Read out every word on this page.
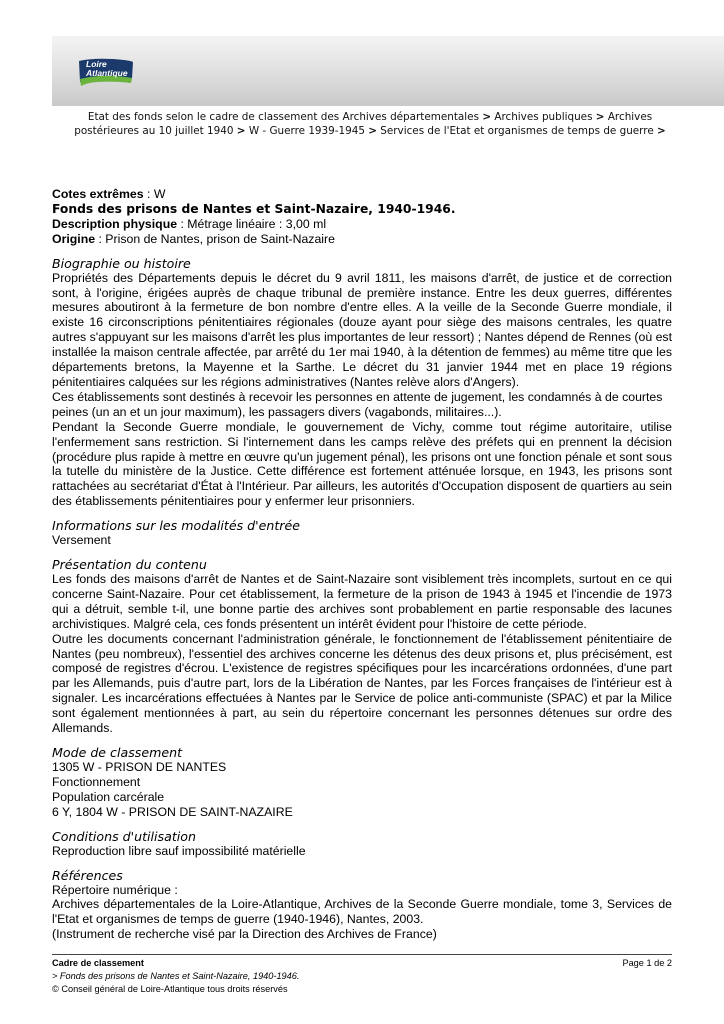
Loire
Atlantique
Etat des fonds selon le cadre de classement des Archives départementales > Archives publiques > Archives postérieures au 10 juillet 1940 > W - Guerre 1939-1945 > Services de l'Etat et organismes de temps de guerre >

Cotes extrêmes : W

Fonds des prisons de Nantes et Saint-Nazaire, 1940-1946.

Description physique : Métrage linéaire : 3,00 ml

Origine : Prison de Nantes, prison de Saint-Nazaire

Biographie ou histoire

Propriétés des Départements depuis le décret du 9 avril 1811, les maisons d'arrêt, de justice et de correction sont, à l'origine, érigées auprès de chaque tribunal de première instance. Entre les deux guerres, différentes mesures aboutiront à la fermeture de bon nombre d'entre elles. A la veille de la Seconde Guerre mondiale, il existe 16 circonscriptions pénitentiaires régionales (douze ayant pour siège des maisons centrales, les quatre autres s'appuyant sur les maisons d'arrêt les plus importantes de leur ressort) ; Nantes dépend de Rennes (où est installée la maison centrale affectée, par arrêté du 1er mai 1940, à la détention de femmes) au même titre que les départements bretons, la Mayenne et la Sarthe. Le décret du 31 janvier 1944 met en place 19 régions pénitentiaires calquées sur les régions administratives (Nantes relève alors d'Angers).

Ces établissements sont destinés à recevoir les personnes en attente de jugement, les condamnés à de courtes peines (un an et un jour maximum), les passagers divers (vagabonds, militaires...).

Pendant la Seconde Guerre mondiale, le gouvernement de Vichy, comme tout régime autoritaire, utilise l'enfermement sans restriction. Si l'internement dans les camps relève des préfets qui en prennent la décision (procédure plus rapide à mettre en œuvre qu'un jugement pénal), les prisons ont une fonction pénale et sont sous la tutelle du ministère de la Justice. Cette différence est fortement atténuée lorsque, en 1943, les prisons sont rattachées au secrétariat d'État à l'Intérieur. Par ailleurs, les autorités d'Occupation disposent de quartiers au sein des établissements pénitentiaires pour y enfermer leur prisonniers.

Informations sur les modalités d'entrée

Versement

Présentation du contenu

Les fonds des maisons d'arrêt de Nantes et de Saint-Nazaire sont visiblement très incomplets, surtout en ce qui concerne Saint-Nazaire. Pour cet établissement, la fermeture de la prison de 1943 à 1945 et l'incendie de 1973 qui a détruit, semble t-il, une bonne partie des archives sont probablement en partie responsable des lacunes archivistiques. Malgré cela, ces fonds présentent un intérêt évident pour l'histoire de cette période.

Outre les documents concernant l'administration générale, le fonctionnement de l'établissement pénitentiaire de Nantes (peu nombreux), l'essentiel des archives concerne les détenus des deux prisons et, plus précisément, est composé de registres d'écrou. L'existence de registres spécifiques pour les incarcérations ordonnées, d'une part par les Allemands, puis d'autre part, lors de la Libération de Nantes, par les Forces françaises de l'intérieur est à signaler. Les incarcérations effectuées à Nantes par le Service de police anti-communiste (SPAC) et par la Milice sont également mentionnées à part, au sein du répertoire concernant les personnes détenues sur ordre des Allemands.

Mode de classement

1305 W - PRISON DE NANTES

Fonctionnement

Population carcérale

6 Y, 1804 W - PRISON DE SAINT-NAZAIRE

Conditions d'utilisation

Reproduction libre sauf impossibilité matérielle

Références

Répertoire numérique :

Archives départementales de la Loire-Atlantique, Archives de la Seconde Guerre mondiale, tome 3, Services de l'Etat et organismes de temps de guerre (1940-1946), Nantes, 2003.

(Instrument de recherche visé par la Direction des Archives de France)

Cadre de classement	Page 1 de 2
> Fonds des prisons de Nantes et Saint-Nazaire, 1940-1946.
© Conseil général de Loire-Atlantique tous droits réservés
